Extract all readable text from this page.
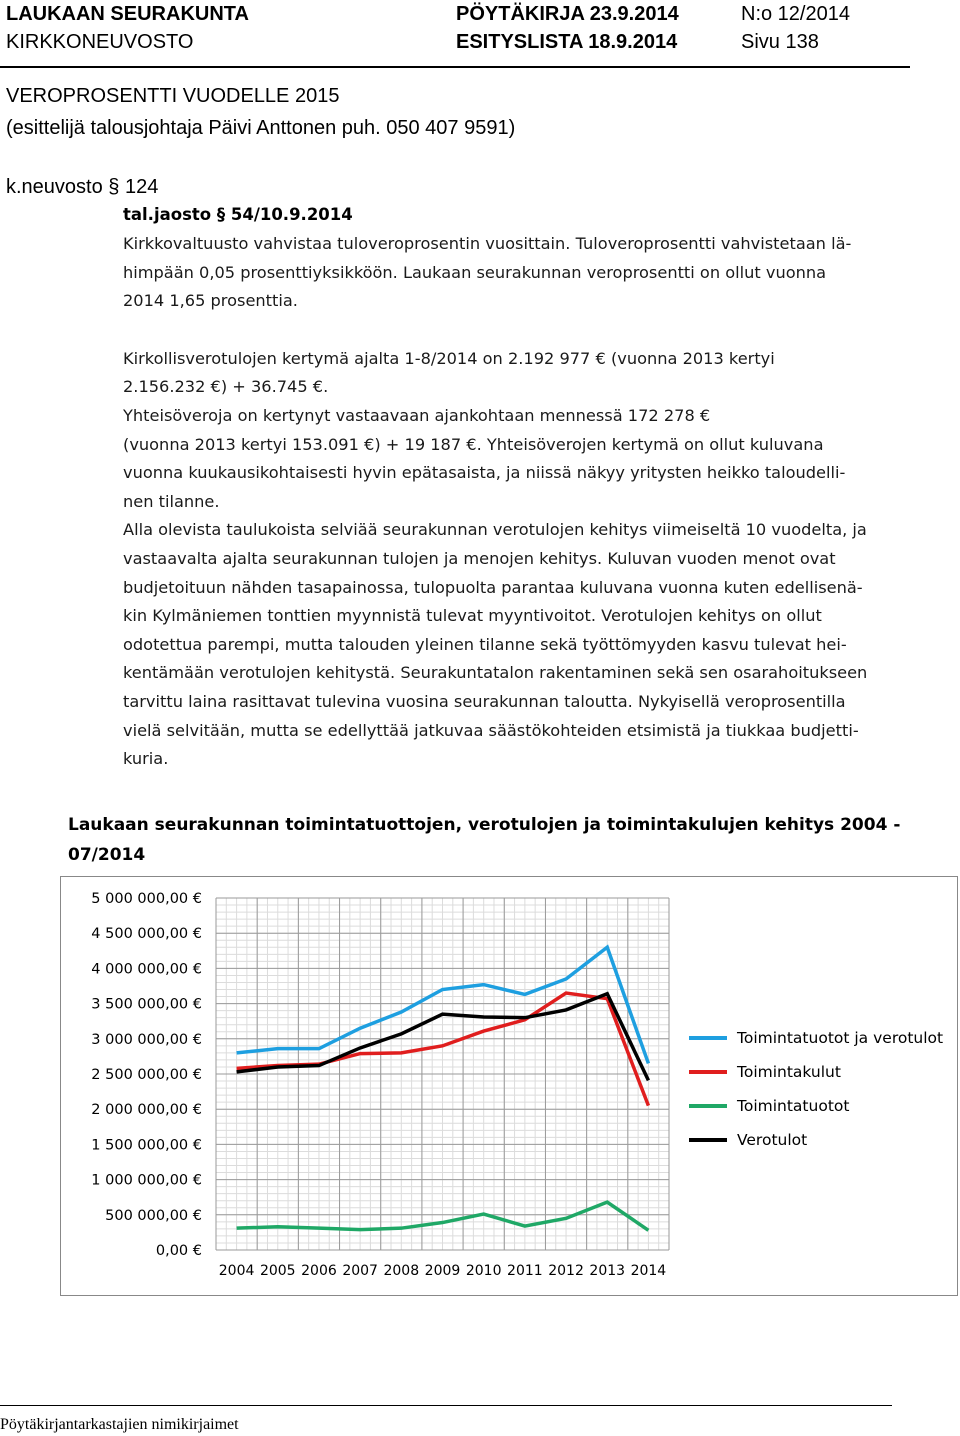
LAUKAAN SEURAKUNTA	PÖYTÄKIRJA 23.9.2014	N:o 12/2014
KIRKKONEUVOSTO	ESITYSLISTA 18.9.2014	Sivu 138
VEROPROSENTTI VUODELLE 2015
(esittelijä talousjohtaja Päivi Anttonen puh. 050 407 9591)
k.neuvosto § 124
tal.jaosto § 54/10.9.2014

Kirkkovaltuusto vahvistaa tuloveroprosentin vuosittain. Tuloveroprosentti vahvistetaan lä-

himpään 0,05 prosenttiyksikköön. Laukaan seurakunnan veroprosentti on ollut vuonna

2014 1,65 prosenttia.

Kirkollisverotulojen kertymä ajalta 1-8/2014 on 2.192 977 € (vuonna 2013 kertyi

2.156.232 €) + 36.745 €.

Yhteisöveroja on kertynyt vastaavaan ajankohtaan mennessä 172 278 €

(vuonna 2013 kertyi 153.091 €) + 19 187 €. Yhteisöverojen kertymä on ollut kuluvana

vuonna kuukausikohtaisesti hyvin epätasaista, ja niissä näkyy yritysten heikko taloudelli-

nen tilanne.

Alla olevista taulukoista selviää seurakunnan verotulojen kehitys viimeiseltä 10 vuodelta, ja

vastaavalta ajalta seurakunnan tulojen ja menojen kehitys. Kuluvan vuoden menot ovat

budjetoituun nähden tasapainossa, tulopuolta parantaa kuluvana vuonna kuten edellisenä-

kin Kylmäniemen tonttien myynnistä tulevat myyntivoitot. Verotulojen kehitys on ollut

odotettua parempi, mutta talouden yleinen tilanne sekä työttömyyden kasvu tulevat hei-

kentämään verotulojen kehitystä. Seurakuntatalon rakentaminen sekä sen osarahoitukseen

tarvittu laina rasittavat tulevina vuosina seurakunnan taloutta. Nykyisellä veroprosentilla

vielä selvitään, mutta se edellyttää jatkuvaa säästökohteiden etsimistä ja tiukkaa budjetti-

kuria.

Laukaan seurakunnan toimintatuottojen, verotulojen ja toimintakulujen kehitys 2004 -
07/2014
0,00 €
500 000,00 €
1 000 000,00 €
1 500 000,00 €
2 000 000,00 €
2 500 000,00 €
3 000 000,00 €
3 500 000,00 €
4 000 000,00 €
4 500 000,00 €
5 000 000,00 €
2004 2005 2006 2007 2008 2009 2010 2011 2012 2013 2014
Toimintatuotot ja verotulot
Toimintakulut
Toimintatuotot
Verotulot
Pöytäkirjantarkastajien nimikirjaimet
